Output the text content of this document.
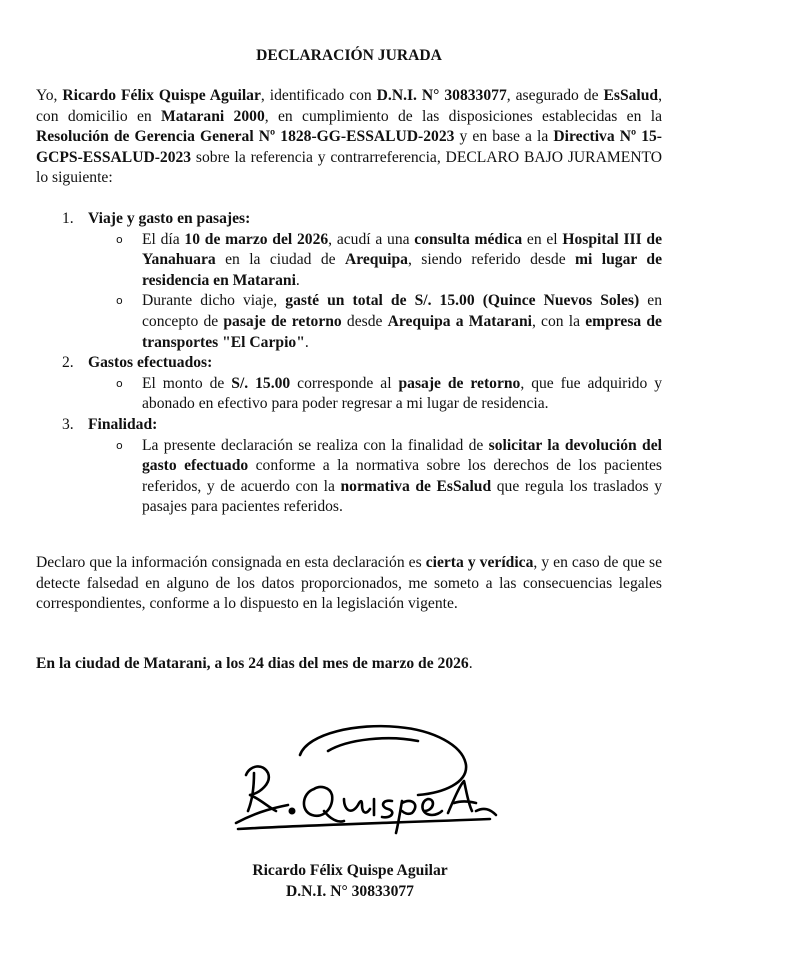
DECLARACIÓN JURADA

Yo, Ricardo Félix Quispe Aguilar, identificado con D.N.I. N° 30833077, asegurado de EsSalud, con domicilio en Matarani 2000, en cumplimiento de las disposiciones establecidas en la Resolución de Gerencia General Nº 1828-GG-ESSALUD-2023 y en base a la Directiva Nº 15-GCPS-ESSALUD-2023 sobre la referencia y contrarreferencia, DECLARO BAJO JURAMENTO lo siguiente:

1. Viaje y gasto en pasajes:
o El día 10 de marzo del 2026, acudí a una consulta médica en el Hospital III de Yanahuara en la ciudad de Arequipa, siendo referido desde mi lugar de residencia en Matarani.
o Durante dicho viaje, gasté un total de S/. 15.00 (Quince Nuevos Soles) en concepto de pasaje de retorno desde Arequipa a Matarani, con la empresa de transportes "El Carpio".
2. Gastos efectuados:
o El monto de S/. 15.00 corresponde al pasaje de retorno, que fue adquirido y abonado en efectivo para poder regresar a mi lugar de residencia.
3. Finalidad:
o La presente declaración se realiza con la finalidad de solicitar la devolución del gasto efectuado conforme a la normativa sobre los derechos de los pacientes referidos, y de acuerdo con la normativa de EsSalud que regula los traslados y pasajes para pacientes referidos.

Declaro que la información consignada en esta declaración es cierta y verídica, y en caso de que se detecte falsedad en alguno de los datos proporcionados, me someto a las consecuencias legales correspondientes, conforme a lo dispuesto en la legislación vigente.

En la ciudad de Matarani, a los 24 dias del mes de marzo de 2026.

Ricardo Félix Quispe Aguilar
D.N.I. N° 30833077
